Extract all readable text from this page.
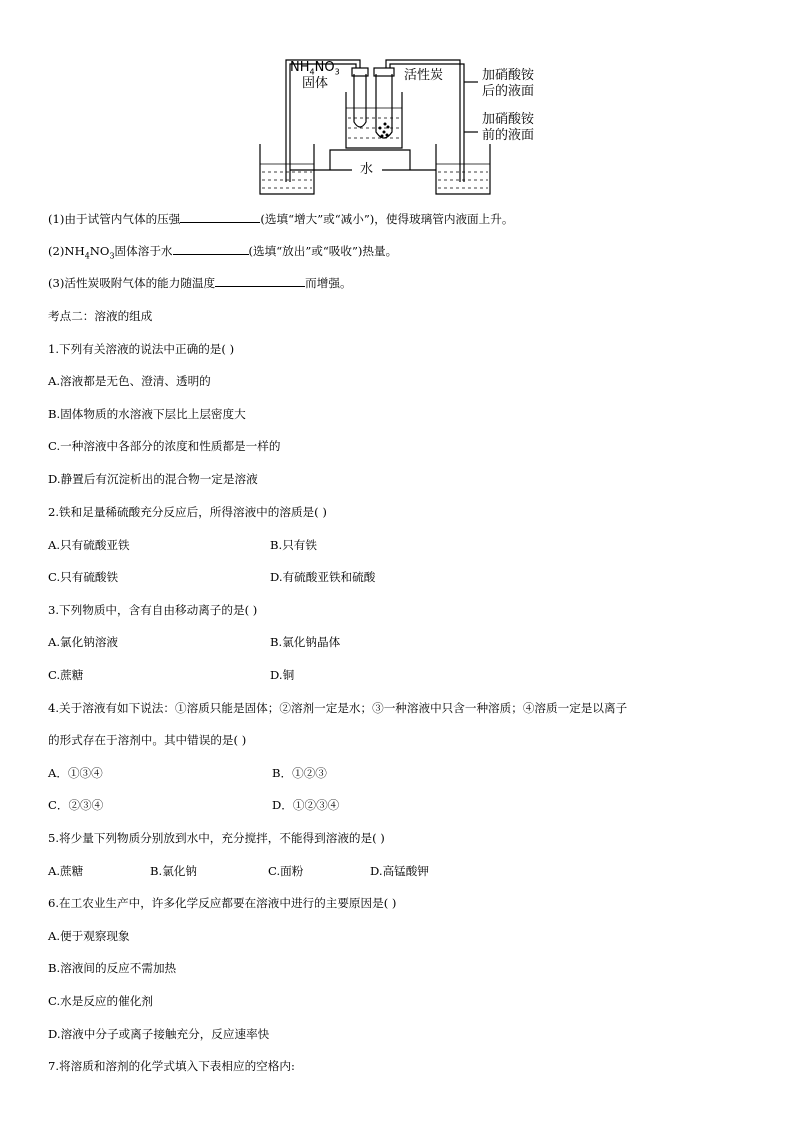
$NH_4NO_3$
固体
活性炭	加硝酸铵
后的液面
加硝酸铵
前的液面
水
(1)由于试管内气体的压强	(选填“增大”或“减小”)，使得玻璃管内液面上升。
$(2)NH_4NO_3$固体溶于水	(选填“放出”或“吸收”)热量。
(3)活性炭吸附气体的能力随温度	而增强。
考点二：溶液的组成
1.下列有关溶液的说法中正确的是( )
A.溶液都是无色、澄清、透明的
B.固体物质的水溶液下层比上层密度大
C.一种溶液中各部分的浓度和性质都是一样的
D.静置后有沉淀析出的混合物一定是溶液
2.铁和足量稀硫酸充分反应后，所得溶液中的溶质是( )
A.只有硫酸亚铁	B.只有铁
C.只有硫酸铁	D.有硫酸亚铁和硫酸
3.下列物质中，含有自由移动离子的是( )
A.氯化钠溶液	B.氯化钠晶体
C.蔗糖	D.铜
4.关于溶液有如下说法：①溶质只能是固体；②溶剂一定是水；③一种溶液中只含一种溶质；④溶质一定是以离子
的形式存在于溶剂中。其中错误的是( )
A．①③④	B．①②③
C．②③④	D．①②③④
5.将少量下列物质分别放到水中，充分搅拌，不能得到溶液的是( )
A.蔗糖	B.氯化钠	C.面粉	D.高锰酸钾
6.在工农业生产中，许多化学反应都要在溶液中进行的主要原因是( )
A.便于观察现象
B.溶液间的反应不需加热
C.水是反应的催化剂
D.溶液中分子或离子接触充分，反应速率快
7.将溶质和溶剂的化学式填入下表相应的空格内:
